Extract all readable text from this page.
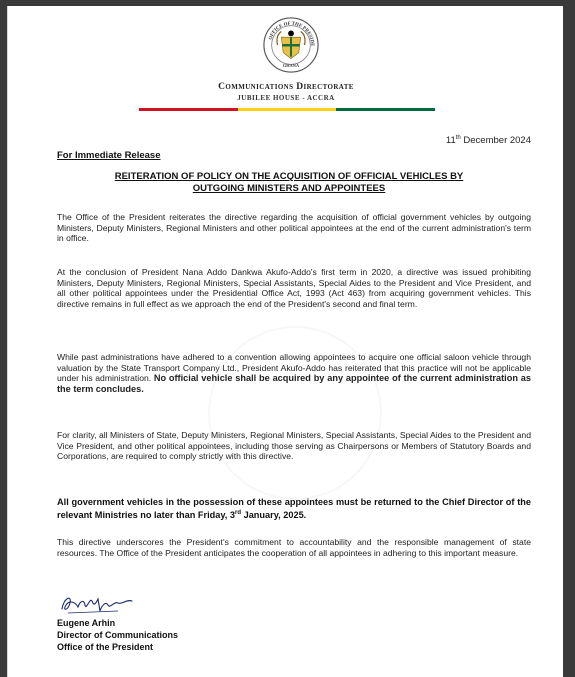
OFFICE OF THE PRESIDE
GHANA
Communications Directorate
JUBILEE HOUSE - ACCRA
11th December 2024
For Immediate Release
REITERATION OF POLICY ON THE ACQUISITION OF OFFICIAL VEHICLES BY
OUTGOING MINISTERS AND APPOINTEES
The Office of the President reiterates the directive regarding the acquisition of official government vehicles by outgoing Ministers, Deputy Ministers, Regional Ministers and other political appointees at the end of the current administration's term in office.
At the conclusion of President Nana Addo Dankwa Akufo-Addo's first term in 2020, a directive was issued prohibiting Ministers, Deputy Ministers, Regional Ministers, Special Assistants, Special Aides to the President and Vice President, and all other political appointees under the Presidential Office Act, 1993 (Act 463) from acquiring government vehicles. This directive remains in full effect as we approach the end of the President's second and final term.
While past administrations have adhered to a convention allowing appointees to acquire one official saloon vehicle through valuation by the State Transport Company Ltd., President Akufo-Addo has reiterated that this practice will not be applicable under his administration. No official vehicle shall be acquired by any appointee of the current administration as the term concludes.
For clarity, all Ministers of State, Deputy Ministers, Regional Ministers, Special Assistants, Special Aides to the President and Vice President, and other political appointees, including those serving as Chairpersons or Members of Statutory Boards and Corporations, are required to comply strictly with this directive.
All government vehicles in the possession of these appointees must be returned to the Chief Director of the relevant Ministries no later than Friday, 3rd January, 2025.
This directive underscores the President's commitment to accountability and the responsible management of state resources. The Office of the President anticipates the cooperation of all appointees in adhering to this important measure.
Eugene Arhin
Director of Communications
Office of the President
